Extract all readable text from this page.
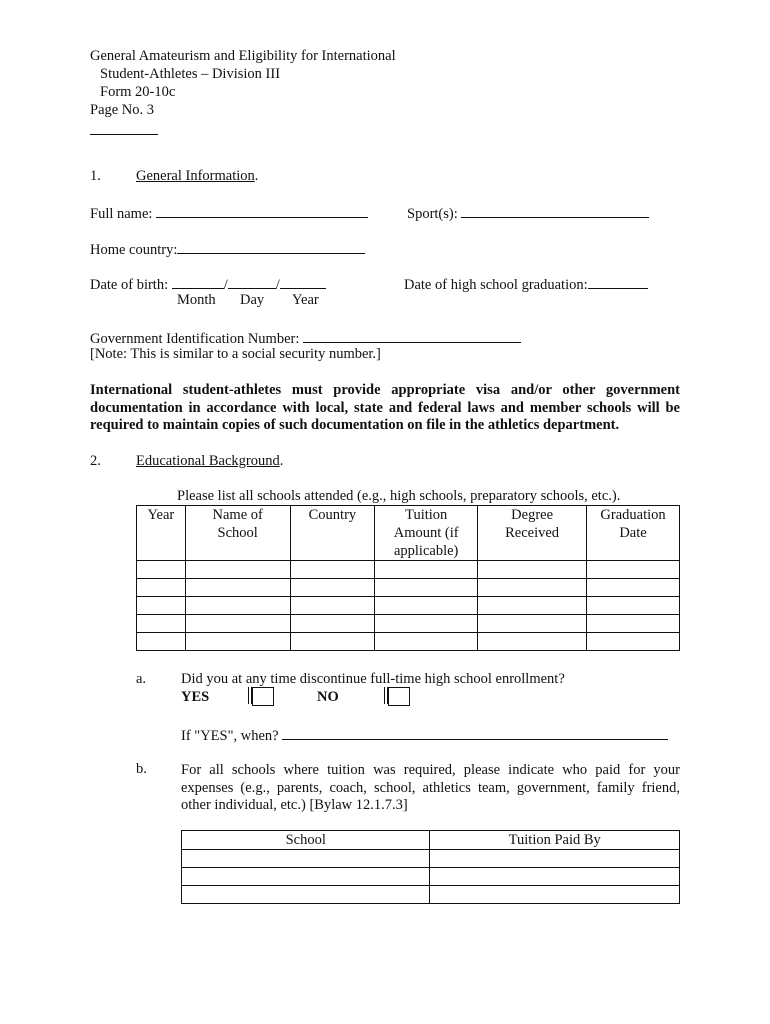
General Amateurism and Eligibility for International
Student-Athletes – Division III
Form 20-10c
Page No. 3
1. General Information.
Full name:	Sport(s):
Home country:
Date of birth:	/	/
Month Day Year
Date of high school graduation:
Government Identification Number:
[Note: This is similar to a social security number.]
International student-athletes must provide appropriate visa and/or other government
documentation in accordance with local, state and federal laws and member schools will be
required to maintain copies of such documentation on file in the athletics department.
2. Educational Background.
Please list all schools attended (e.g., high schools, preparatory schools, etc.).
Year	Name of School	Country	Tuition Amount (if applicable)	Degree Received	Graduation Date

a. Did you at any time discontinue full-time high school enrollment?
YES	NO
If "YES", when?
b. For all schools where tuition was required, please indicate who paid for your
expenses (e.g., parents, coach, school, athletics team, government, family friend,
other individual, etc.) [Bylaw 12.1.7.3]
School	Tuition Paid By
